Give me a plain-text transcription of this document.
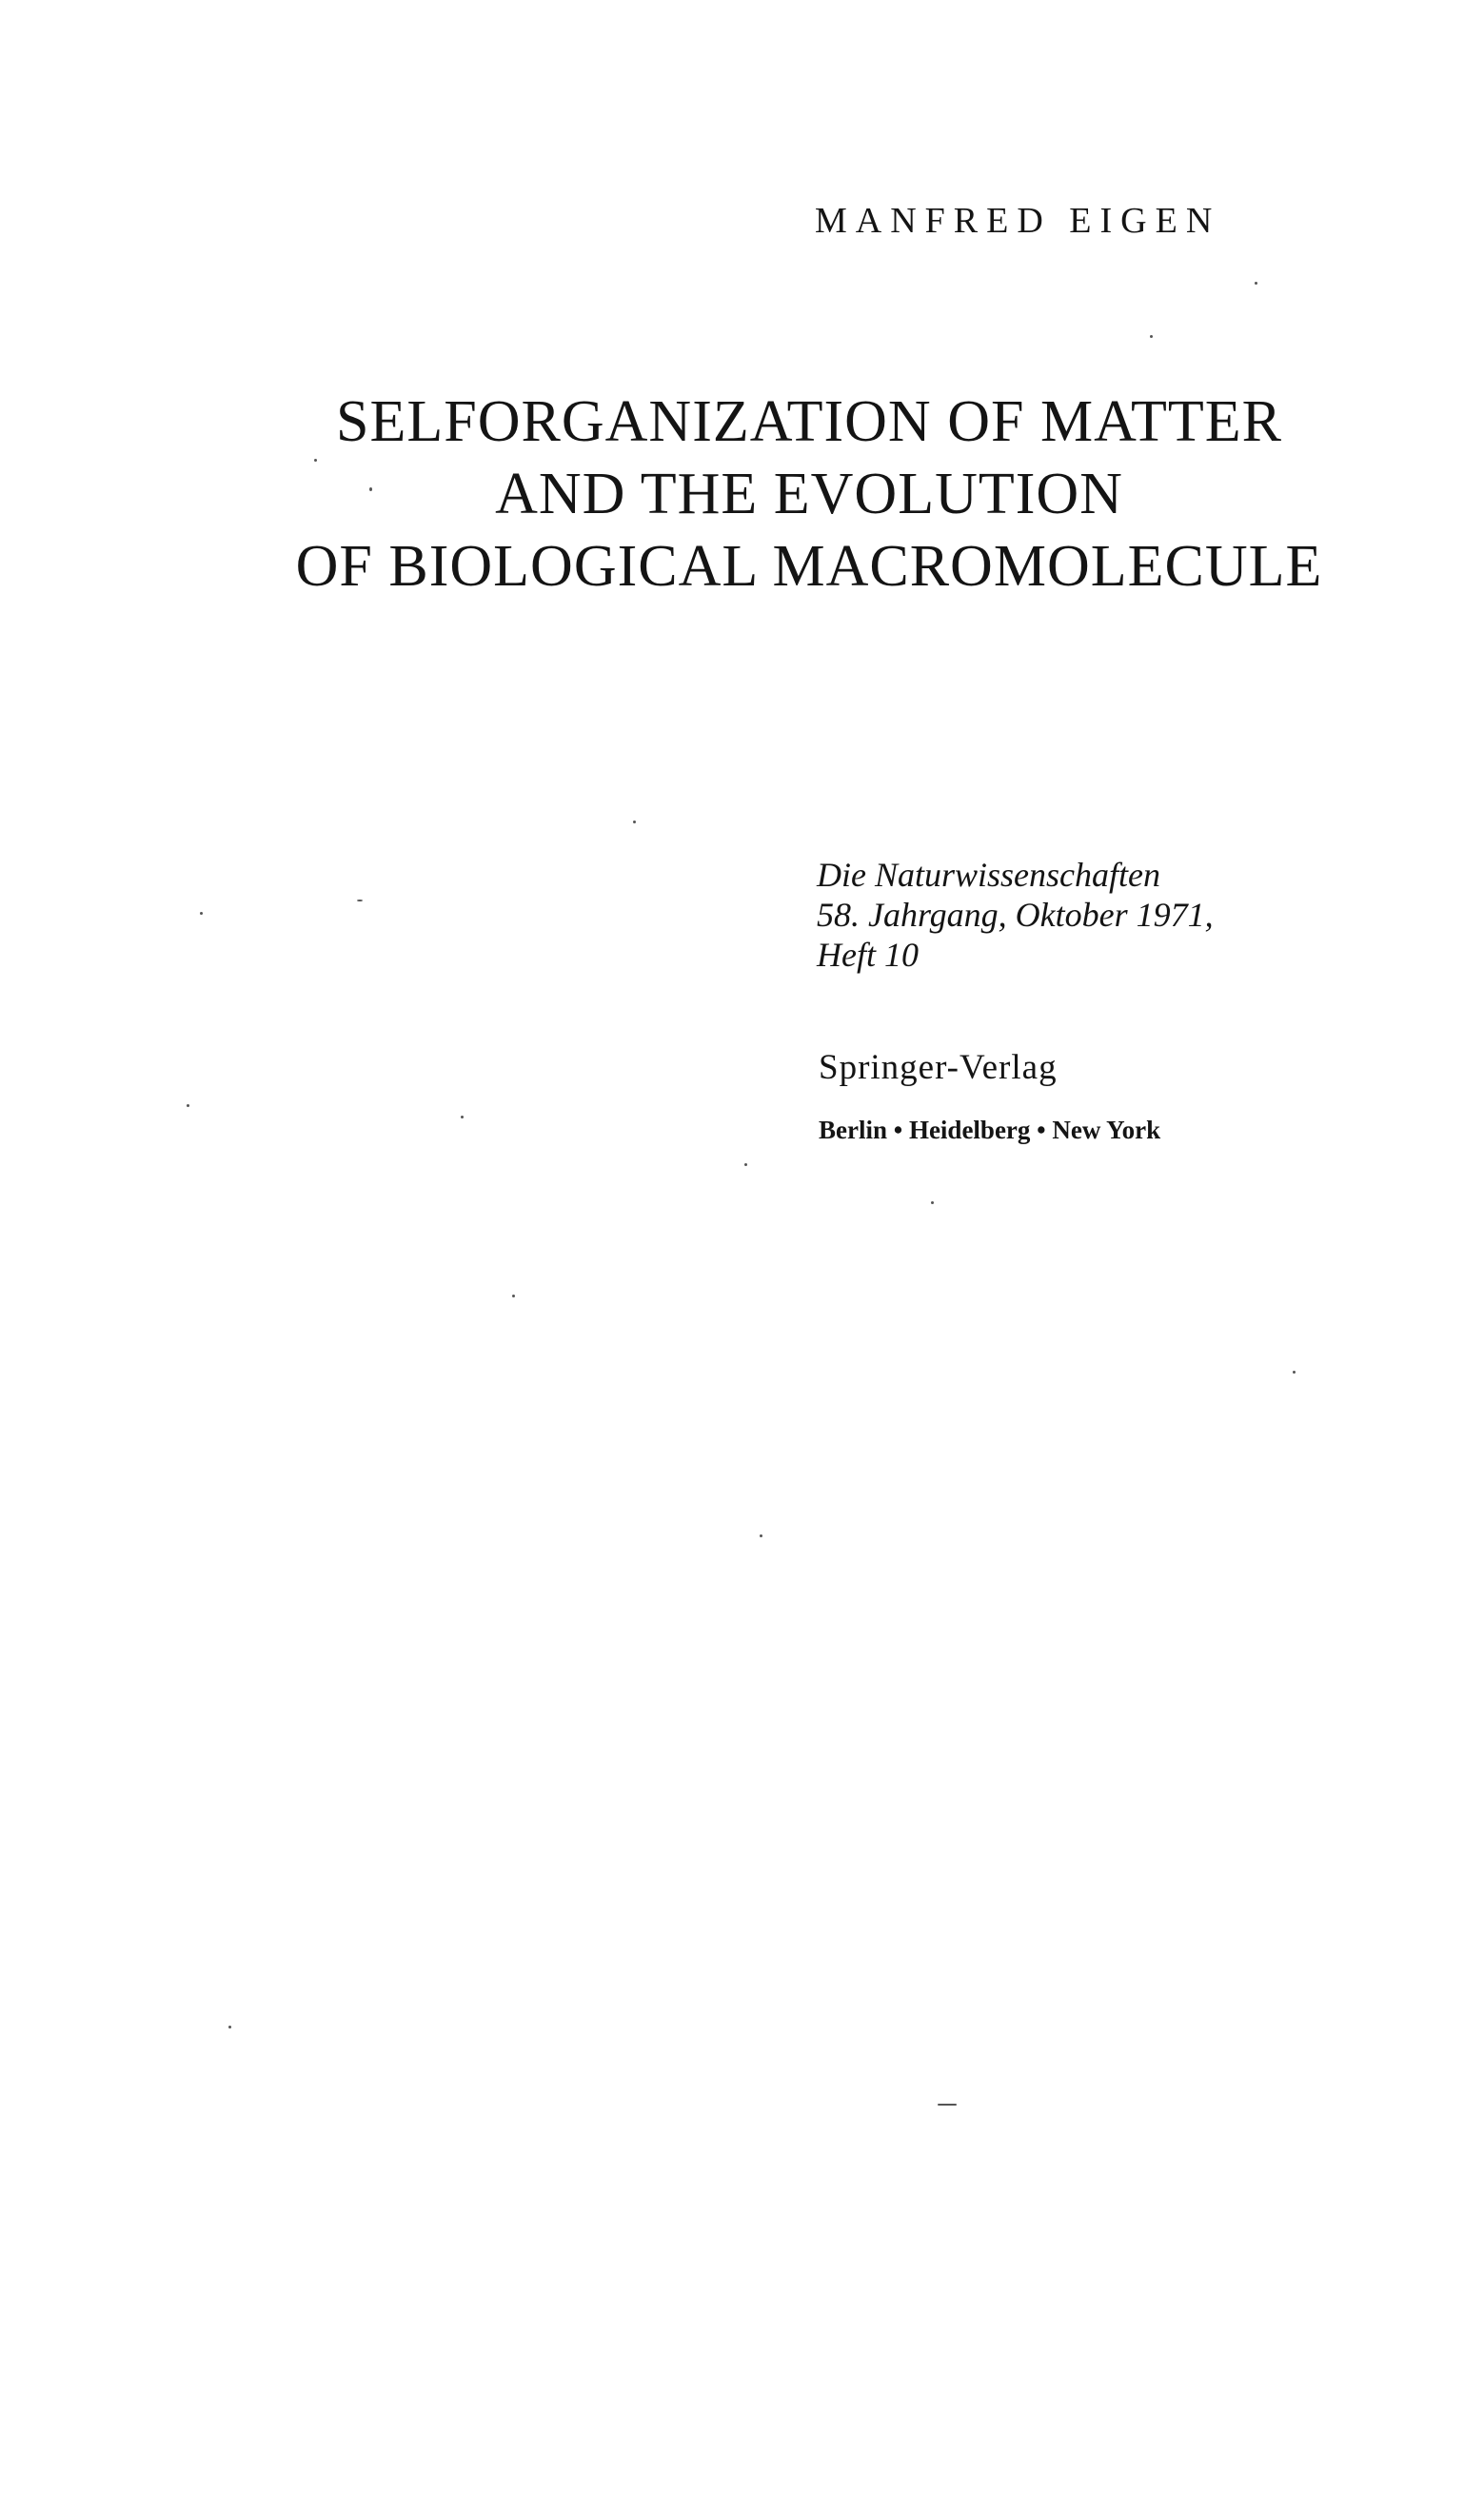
MANFRED EIGEN
SELFORGANIZATION OF MATTER
AND THE EVOLUTION
OF BIOLOGICAL MACROMOLECULE
Die Naturwissenschaften
58. Jahrgang, Oktober 1971,
Heft 10
Springer-Verlag
Berlin • Heidelberg • New York
